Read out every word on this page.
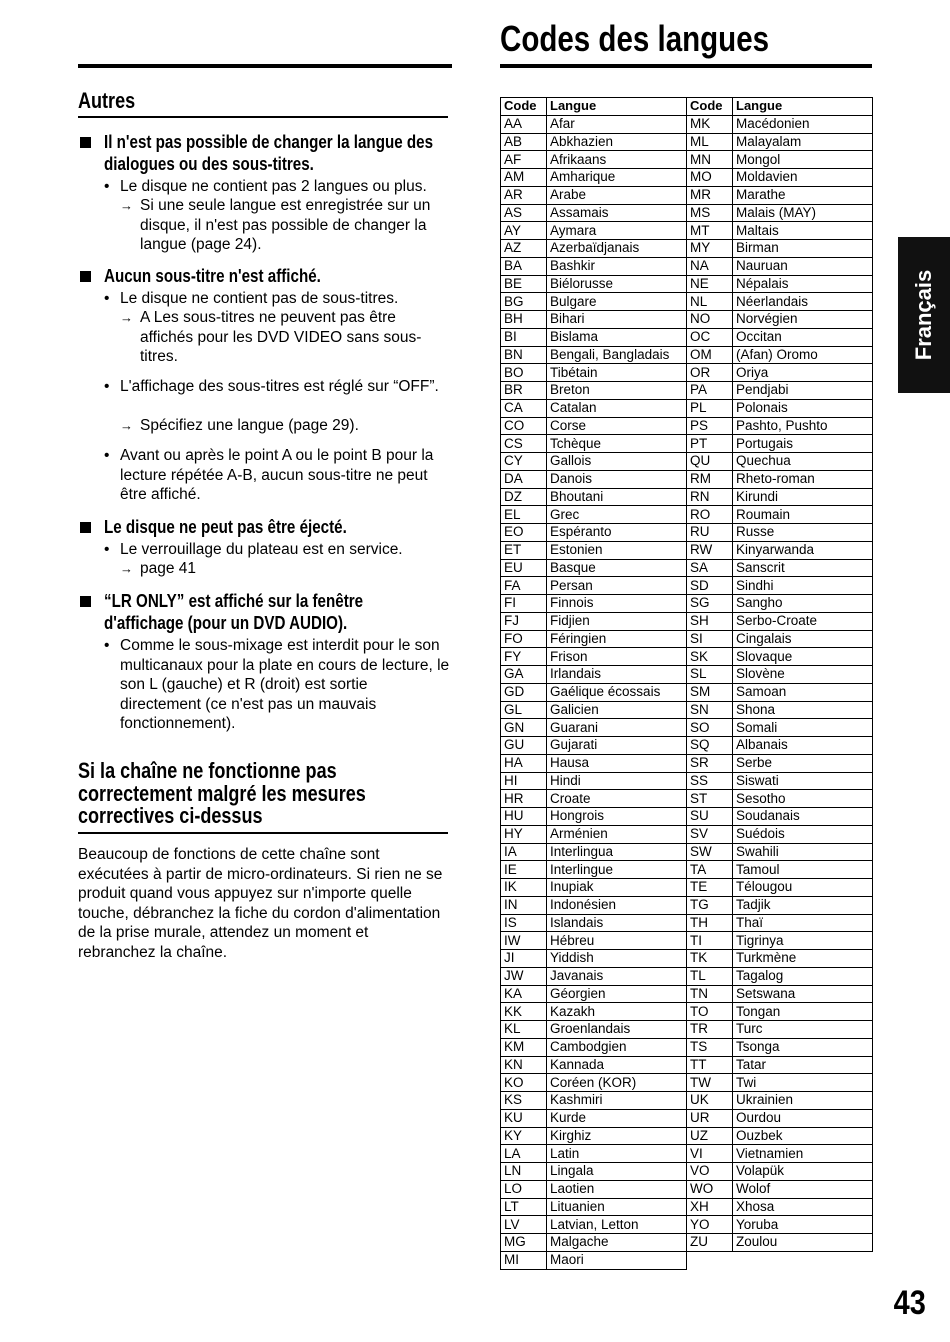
Codes des langues
Autres
Il n'est pas possible de changer la langue des
dialogues ou des sous-titres.
• Le disque ne contient pas 2 langues ou plus.
→ Si une seule langue est enregistrée sur un disque, il n'est pas possible de changer la langue (page 24).
Aucun sous-titre n'est affiché.
• Le disque ne contient pas de sous-titres.
→ A Les sous-titres ne peuvent pas être affichés pour les DVD VIDEO sans sous-titres.
• L'affichage des sous-titres est réglé sur “OFF”.
→ Spécifiez une langue (page 29).
• Avant ou après le point A ou le point B pour la lecture répétée A-B, aucun sous-titre ne peut être affiché.
Le disque ne peut pas être éjecté.
• Le verrouillage du plateau est en service.
→ page 41
“LR ONLY” est affiché sur la fenêtre
d'affichage (pour un DVD AUDIO).
• Comme le sous-mixage est interdit pour le son multicanaux pour la plate en cours de lecture, le son L (gauche) et R (droit) est sortie directement (ce n'est pas un mauvais fonctionnement).
Si la chaîne ne fonctionne pas
correctement malgré les mesures
correctives ci-dessus
Beaucoup de fonctions de cette chaîne sont exécutées à partir de micro-ordinateurs. Si rien ne se produit quand vous appuyez sur n'importe quelle touche, débranchez la fiche du cordon d'alimentation de la prise murale, attendez un moment et rebranchez la chaîne.
Code	Langue	Code	Langue
AA	Afar	MK	Macédonien
AB	Abkhazien	ML	Malayalam
AF	Afrikaans	MN	Mongol
AM	Amharique	MO	Moldavien
AR	Arabe	MR	Marathe
AS	Assamais	MS	Malais (MAY)
AY	Aymara	MT	Maltais
AZ	Azerbaïdjanais	MY	Birman
BA	Bashkir	NA	Nauruan
BE	Biélorusse	NE	Népalais
BG	Bulgare	NL	Néerlandais
BH	Bihari	NO	Norvégien
BI	Bislama	OC	Occitan
BN	Bengali, Bangladais	OM	(Afan) Oromo
BO	Tibétain	OR	Oriya
BR	Breton	PA	Pendjabi
CA	Catalan	PL	Polonais
CO	Corse	PS	Pashto, Pushto
CS	Tchèque	PT	Portugais
CY	Gallois	QU	Quechua
DA	Danois	RM	Rheto-roman
DZ	Bhoutani	RN	Kirundi
EL	Grec	RO	Roumain
EO	Espéranto	RU	Russe
ET	Estonien	RW	Kinyarwanda
EU	Basque	SA	Sanscrit
FA	Persan	SD	Sindhi
FI	Finnois	SG	Sangho
FJ	Fidjien	SH	Serbo-Croate
FO	Féringien	SI	Cingalais
FY	Frison	SK	Slovaque
GA	Irlandais	SL	Slovène
GD	Gaélique écossais	SM	Samoan
GL	Galicien	SN	Shona
GN	Guarani	SO	Somali
GU	Gujarati	SQ	Albanais
HA	Hausa	SR	Serbe
HI	Hindi	SS	Siswati
HR	Croate	ST	Sesotho
HU	Hongrois	SU	Soudanais
HY	Arménien	SV	Suédois
IA	Interlingua	SW	Swahili
IE	Interlingue	TA	Tamoul
IK	Inupiak	TE	Télougou
IN	Indonésien	TG	Tadjik
IS	Islandais	TH	Thaï
IW	Hébreu	TI	Tigrinya
JI	Yiddish	TK	Turkmène
JW	Javanais	TL	Tagalog
KA	Géorgien	TN	Setswana
KK	Kazakh	TO	Tongan
KL	Groenlandais	TR	Turc
KM	Cambodgien	TS	Tsonga
KN	Kannada	TT	Tatar
KO	Coréen (KOR)	TW	Twi
KS	Kashmiri	UK	Ukrainien
KU	Kurde	UR	Ourdou
KY	Kirghiz	UZ	Ouzbek
LA	Latin	VI	Vietnamien
LN	Lingala	VO	Volapük
LO	Laotien	WO	Wolof
LT	Lituanien	XH	Xhosa
LV	Latvian, Letton	YO	Yoruba
MG	Malgache	ZU	Zoulou
MI	Maori		
Français
43
